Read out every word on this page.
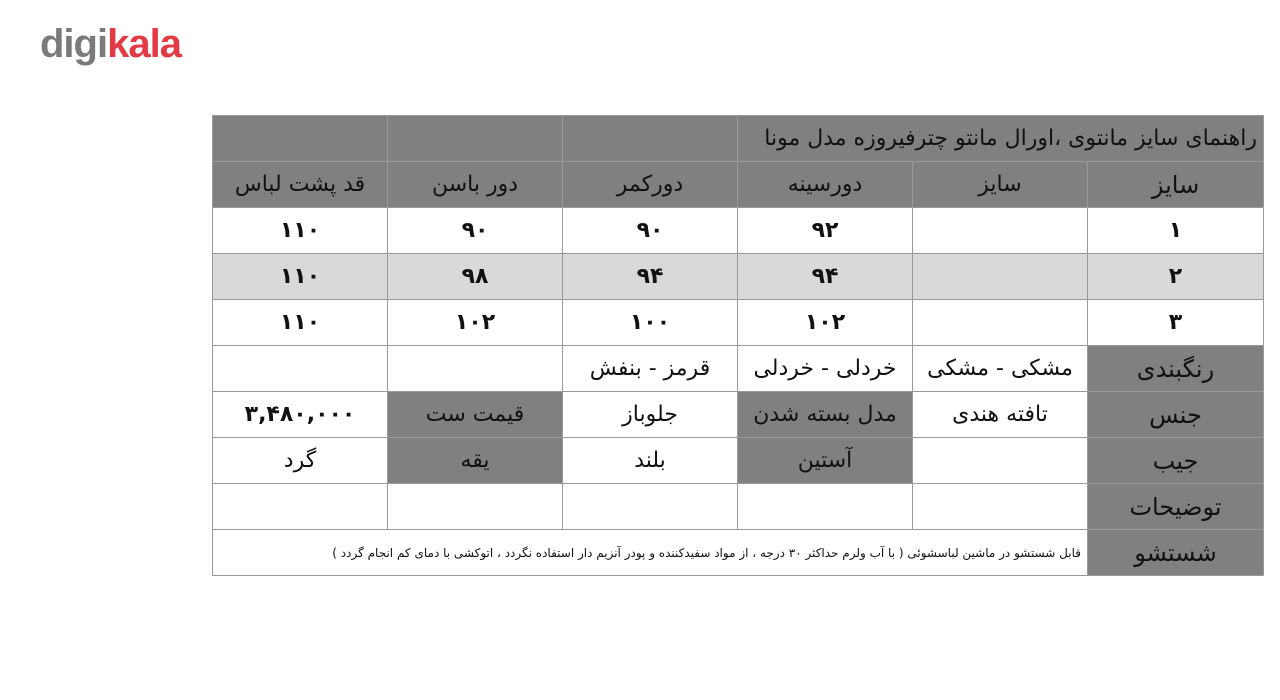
digikala
راهنمای سایز مانتوی ،اورال مانتو چترفیروزه مدل مونا					
سایز	سایز	دورسینه	دورکمر	دور باسن	قد پشت لباس
۱		۹۲	۹۰	۹۰	۱۱۰
۲		۹۴	۹۴	۹۸	۱۱۰
۳		۱۰۲	۱۰۰	۱۰۲	۱۱۰
رنگبندی	مشکی - مشکی	خردلی - خردلی	قرمز - بنفش		
جنس	تافته هندی	مدل بسته شدن	جلوباز	قیمت ست	۳,۴۸۰,۰۰۰
جیب		آستین	بلند	یقه	گرد
توضیحات					
شستشو	قابل شستشو در ماشین لباسشوئی ( با آب ولرم حداکثر ۳۰ درجه ، از مواد سفیدکننده و پودر آنزیم دار استفاده نگردد ، اتوکشی با دمای کم انجام گردد )				
